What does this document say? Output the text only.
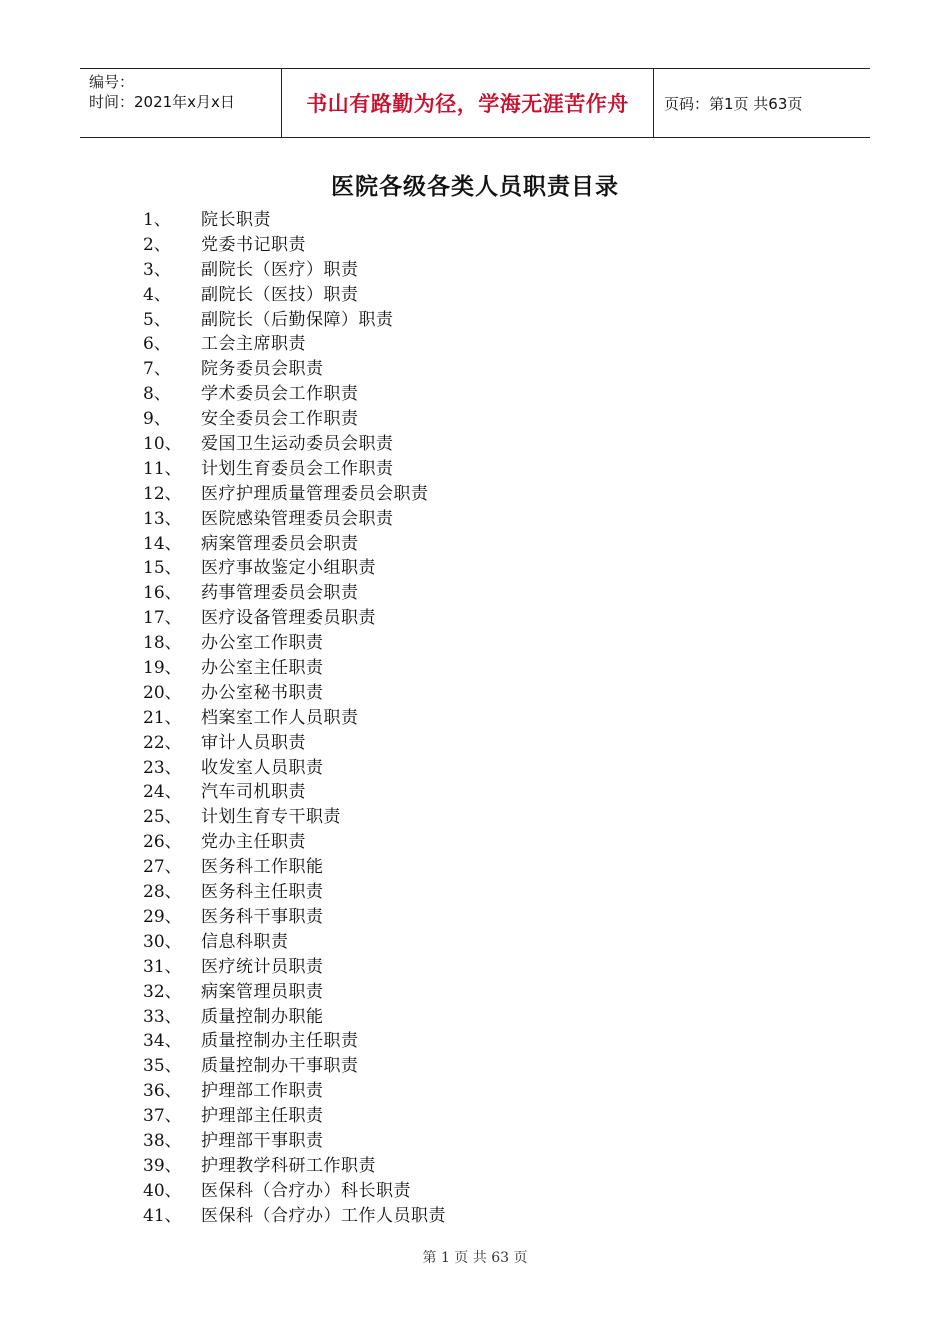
编号：
时间：2021年x月x日	书山有路勤为径，学海无涯苦作舟	页码：第1页 共63页
医院各级各类人员职责目录
1、 院长职责
2、 党委书记职责
3、 副院长（医疗）职责
4、 副院长（医技）职责
5、 副院长（后勤保障）职责
6、 工会主席职责
7、 院务委员会职责
8、 学术委员会工作职责
9、 安全委员会工作职责
10、 爱国卫生运动委员会职责
11、 计划生育委员会工作职责
12、 医疗护理质量管理委员会职责
13、 医院感染管理委员会职责
14、 病案管理委员会职责
15、 医疗事故鉴定小组职责
16、 药事管理委员会职责
17、 医疗设备管理委员职责
18、 办公室工作职责
19、 办公室主任职责
20、 办公室秘书职责
21、 档案室工作人员职责
22、 审计人员职责
23、 收发室人员职责
24、 汽车司机职责
25、 计划生育专干职责
26、 党办主任职责
27、 医务科工作职能
28、 医务科主任职责
29、 医务科干事职责
30、 信息科职责
31、 医疗统计员职责
32、 病案管理员职责
33、 质量控制办职能
34、 质量控制办主任职责
35、 质量控制办干事职责
36、 护理部工作职责
37、 护理部主任职责
38、 护理部干事职责
39、 护理教学科研工作职责
40、 医保科（合疗办）科长职责
41、 医保科（合疗办）工作人员职责
第 1 页 共 63 页
